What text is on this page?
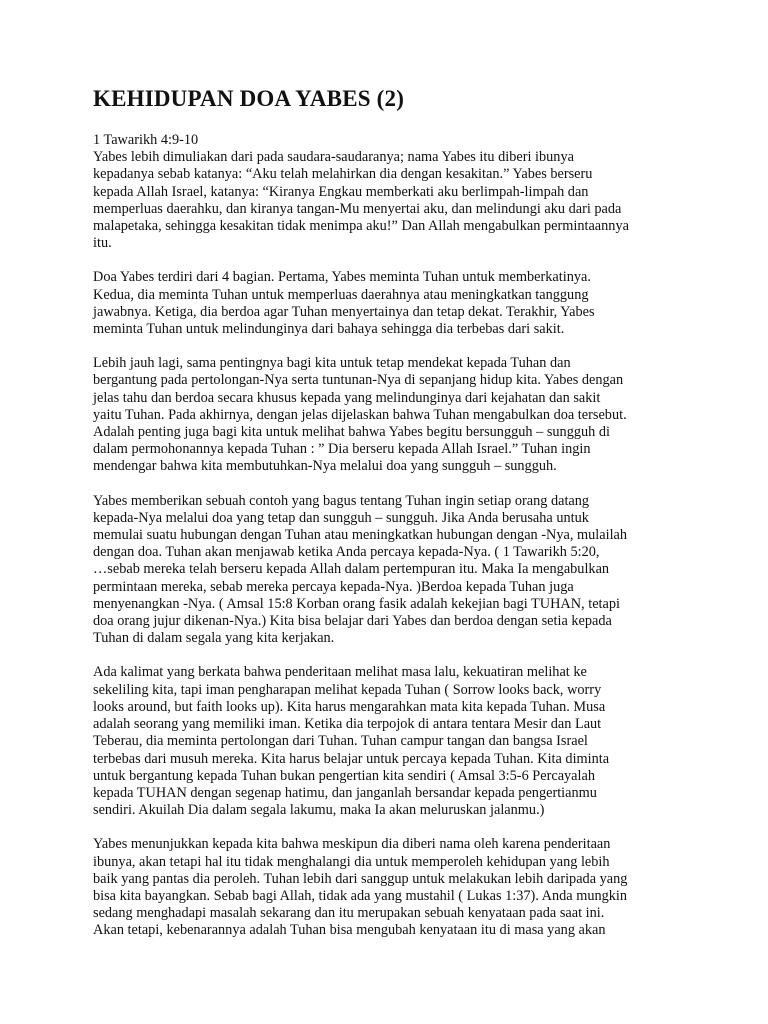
KEHIDUPAN DOA YABES (2)
1 Tawarikh 4:9-10
Yabes lebih dimuliakan dari pada saudara-saudaranya; nama Yabes itu diberi ibunya
kepadanya sebab katanya: “Aku telah melahirkan dia dengan kesakitan.” Yabes berseru
kepada Allah Israel, katanya: “Kiranya Engkau memberkati aku berlimpah-limpah dan
memperluas daerahku, dan kiranya tangan-Mu menyertai aku, dan melindungi aku dari pada
malapetaka, sehingga kesakitan tidak menimpa aku!” Dan Allah mengabulkan permintaannya
itu.
Doa Yabes terdiri dari 4 bagian. Pertama, Yabes meminta Tuhan untuk memberkatinya.
Kedua, dia meminta Tuhan untuk memperluas daerahnya atau meningkatkan tanggung
jawabnya. Ketiga, dia berdoa agar Tuhan menyertainya dan tetap dekat. Terakhir, Yabes
meminta Tuhan untuk melindunginya dari bahaya sehingga dia terbebas dari sakit.
Lebih jauh lagi, sama pentingnya bagi kita untuk tetap mendekat kepada Tuhan dan
bergantung pada pertolongan-Nya serta tuntunan-Nya di sepanjang hidup kita. Yabes dengan
jelas tahu dan berdoa secara khusus kepada yang melindunginya dari kejahatan dan sakit
yaitu Tuhan. Pada akhirnya, dengan jelas dijelaskan bahwa Tuhan mengabulkan doa tersebut.
Adalah penting juga bagi kita untuk melihat bahwa Yabes begitu bersungguh – sungguh di
dalam permohonannya kepada Tuhan : ” Dia berseru kepada Allah Israel.” Tuhan ingin
mendengar bahwa kita membutuhkan-Nya melalui doa yang sungguh – sungguh.
Yabes memberikan sebuah contoh yang bagus tentang Tuhan ingin setiap orang datang
kepada-Nya melalui doa yang tetap dan sungguh – sungguh. Jika Anda berusaha untuk
memulai suatu hubungan dengan Tuhan atau meningkatkan hubungan dengan -Nya, mulailah
dengan doa. Tuhan akan menjawab ketika Anda percaya kepada-Nya. ( 1 Tawarikh 5:20,
…sebab mereka telah berseru kepada Allah dalam pertempuran itu. Maka Ia mengabulkan
permintaan mereka, sebab mereka percaya kepada-Nya. )Berdoa kepada Tuhan juga
menyenangkan -Nya. ( Amsal 15:8 Korban orang fasik adalah kekejian bagi TUHAN, tetapi
doa orang jujur dikenan-Nya.) Kita bisa belajar dari Yabes dan berdoa dengan setia kepada
Tuhan di dalam segala yang kita kerjakan.
Ada kalimat yang berkata bahwa penderitaan melihat masa lalu, kekuatiran melihat ke
sekeliling kita, tapi iman pengharapan melihat kepada Tuhan ( Sorrow looks back, worry
looks around, but faith looks up). Kita harus mengarahkan mata kita kepada Tuhan. Musa
adalah seorang yang memiliki iman. Ketika dia terpojok di antara tentara Mesir dan Laut
Teberau, dia meminta pertolongan dari Tuhan. Tuhan campur tangan dan bangsa Israel
terbebas dari musuh mereka. Kita harus belajar untuk percaya kepada Tuhan. Kita diminta
untuk bergantung kepada Tuhan bukan pengertian kita sendiri ( Amsal 3:5-6 Percayalah
kepada TUHAN dengan segenap hatimu, dan janganlah bersandar kepada pengertianmu
sendiri. Akuilah Dia dalam segala lakumu, maka Ia akan meluruskan jalanmu.)
Yabes menunjukkan kepada kita bahwa meskipun dia diberi nama oleh karena penderitaan
ibunya, akan tetapi hal itu tidak menghalangi dia untuk memperoleh kehidupan yang lebih
baik yang pantas dia peroleh. Tuhan lebih dari sanggup untuk melakukan lebih daripada yang
bisa kita bayangkan. Sebab bagi Allah, tidak ada yang mustahil ( Lukas 1:37). Anda mungkin
sedang menghadapi masalah sekarang dan itu merupakan sebuah kenyataan pada saat ini.
Akan tetapi, kebenarannya adalah Tuhan bisa mengubah kenyataan itu di masa yang akan
